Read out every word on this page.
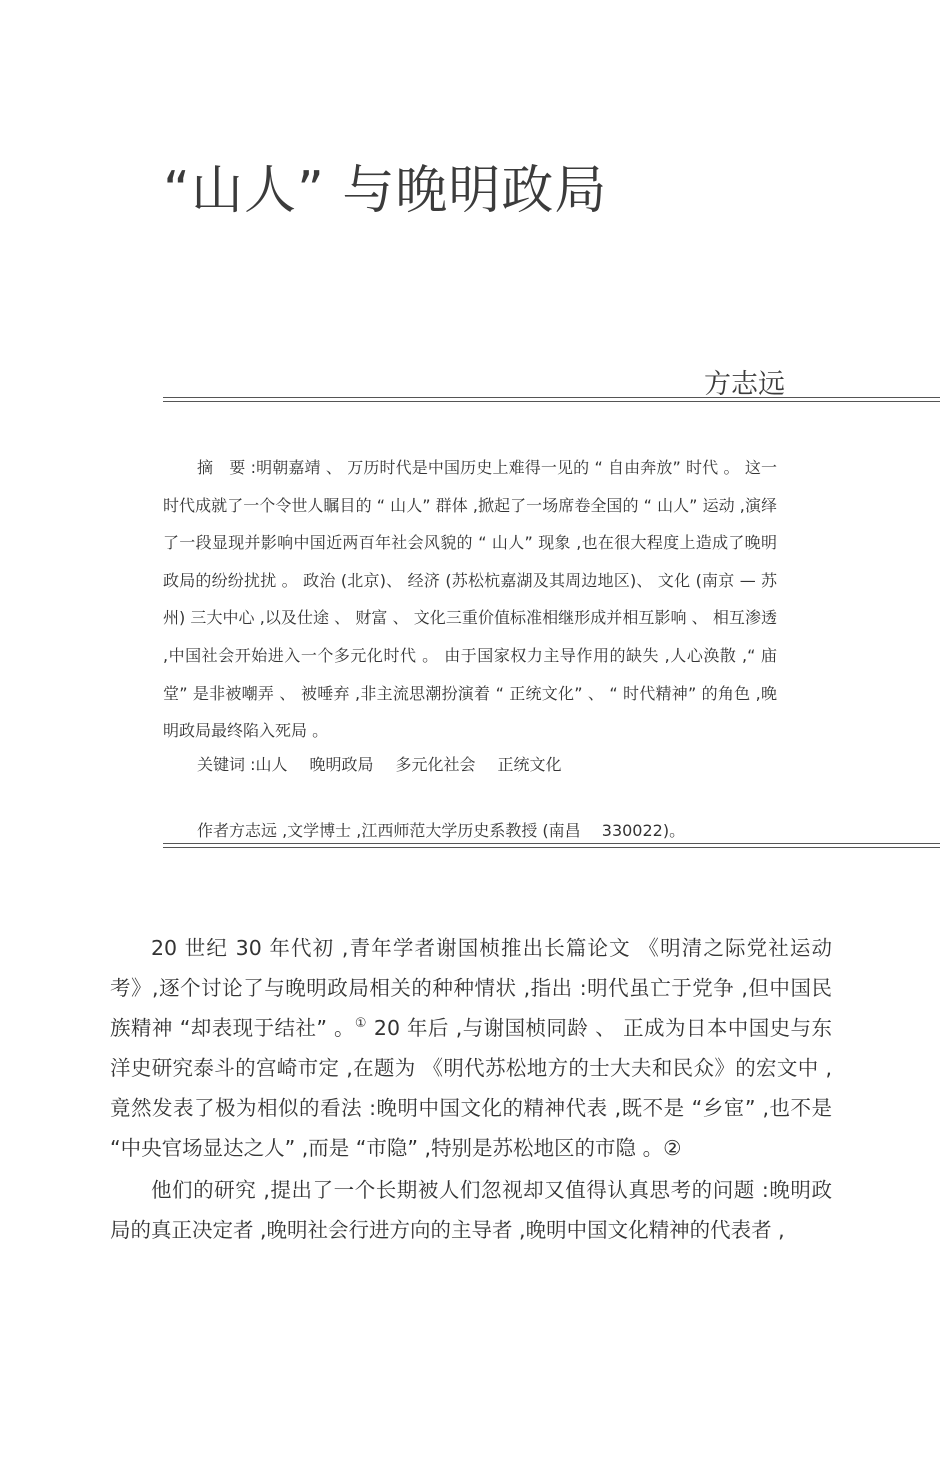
“山人” 与晚明政局
方志远
摘　要 :明朝嘉靖 、 万历时代是中国历史上难得一见的 “ 自由奔放” 时代 。 这一时代成就了一个令世人瞩目的 “ 山人” 群体 ,掀起了一场席卷全国的 “ 山人” 运动 ,演绎了一段显现并影响中国近两百年社会风貌的 “ 山人” 现象 ,也在很大程度上造成了晚明政局的纷纷扰扰 。 政治 (北京)、 经济 (苏松杭嘉湖及其周边地区)、 文化 (南京 — 苏州) 三大中心 ,以及仕途 、 财富 、 文化三重价值标准相继形成并相互影响 、 相互渗透 ,中国社会开始进入一个多元化时代 。 由于国家权力主导作用的缺失 ,人心涣散 ,“ 庙堂” 是非被嘲弄 、 被唾弃 ,非主流思潮扮演着 “ 正统文化” 、 “ 时代精神” 的角色 ,晚明政局最终陷入死局 。
关键词 :山人 晚明政局 多元化社会 正统文化
作者方志远 ,文学博士 ,江西师范大学历史系教授 (南昌　 330022)。

20 世纪 30 年代初 ,青年学者谢国桢推出长篇论文 《明清之际党社运动考》,逐个讨论了与晚明政局相关的种种情状 ,指出 :明代虽亡于党争 ,但中国民族精神 “却表现于结社” 。① 20 年后 ,与谢国桢同龄 、 正成为日本中国史与东洋史研究泰斗的宫崎市定 ,在题为 《明代苏松地方的士大夫和民众》的宏文中 ,竟然发表了极为相似的看法 :晚明中国文化的精神代表 ,既不是 “乡宦” ,也不是 “中央官场显达之人” ,而是 “市隐” ,特别是苏松地区的市隐 。②

他们的研究 ,提出了一个长期被人们忽视却又值得认真思考的问题 :晚明政局的真正决定者 ,晚明社会行进方向的主导者 ,晚明中国文化精神的代表者 ,
